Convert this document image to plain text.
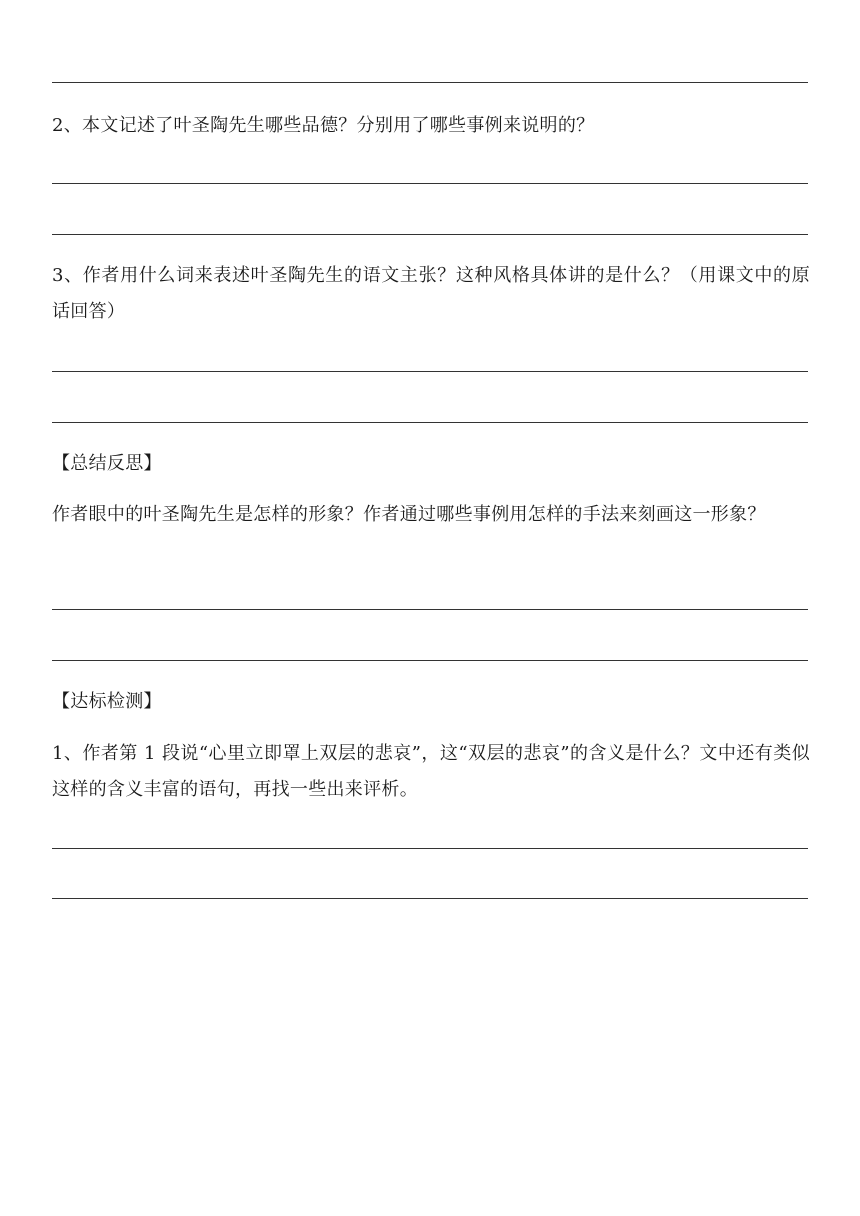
2、本文记述了叶圣陶先生哪些品德？分别用了哪些事例来说明的？

3、作者用什么词来表述叶圣陶先生的语文主张？这种风格具体讲的是什么？（用课文中的原话回答）

【总结反思】

作者眼中的叶圣陶先生是怎样的形象？作者通过哪些事例用怎样的手法来刻画这一形象？

【达标检测】

1、作者第 1 段说“心里立即罩上双层的悲哀”，这“双层的悲哀”的含义是什么？文中还有类似这样的含义丰富的语句，再找一些出来评析。
